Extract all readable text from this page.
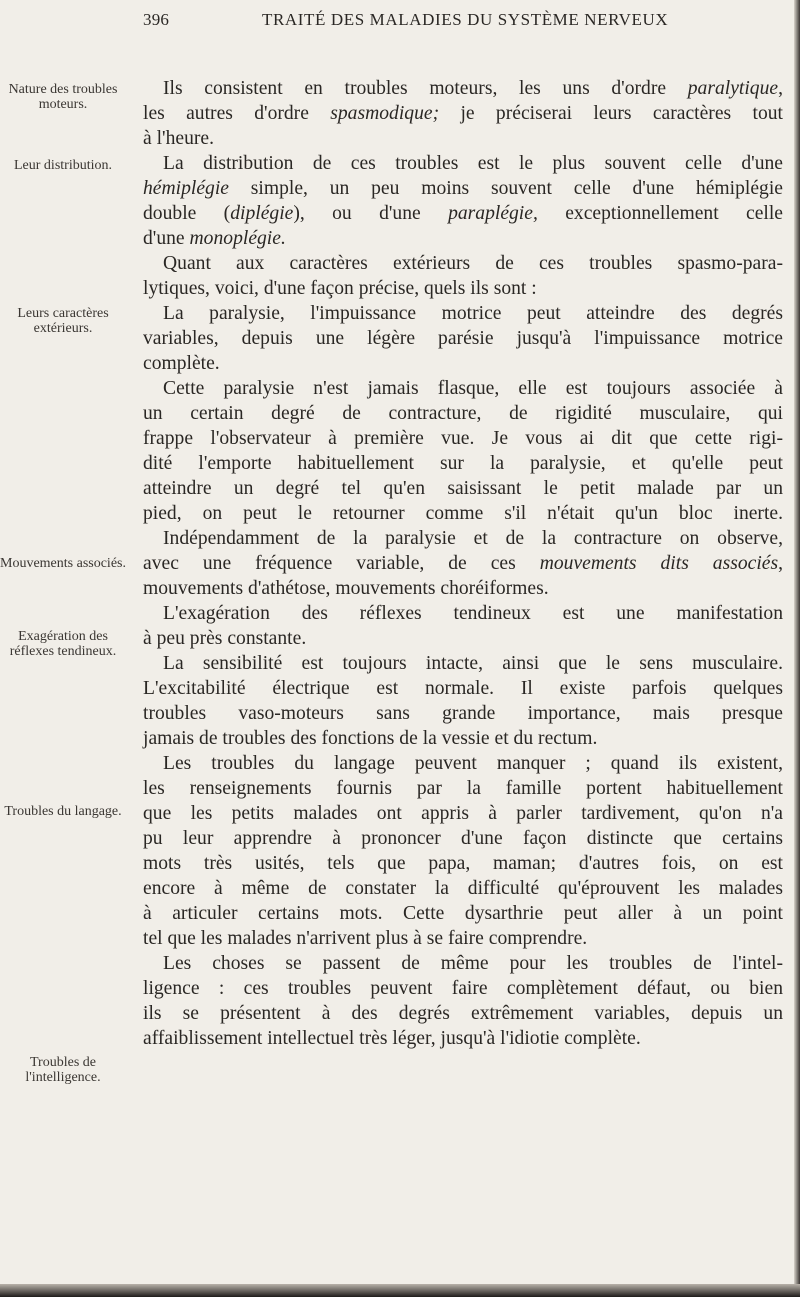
396	TRAITÉ DES MALADIES DU SYSTÈME NERVEUX
Nature des troubles moteurs.
Leur distribution.
Leurs caractères extérieurs.
Mouvements associés.
Exagération des réflexes tendineux.
Troubles du langage.
Troubles de l'intelligence.

Ils consistent en troubles moteurs, les uns d'ordre paralytique,

les autres d'ordre spasmodique; je préciserai leurs caractères tout

à l'heure.

La distribution de ces troubles est le plus souvent celle d'une

hémiplégie simple, un peu moins souvent celle d'une hémiplégie

double (diplégie), ou d'une paraplégie, exceptionnellement celle

d'une monoplégie.

Quant aux caractères extérieurs de ces troubles spasmo-para-

lytiques, voici, d'une façon précise, quels ils sont :

La paralysie, l'impuissance motrice peut atteindre des degrés

variables, depuis une légère parésie jusqu'à l'impuissance motrice

complète.

Cette paralysie n'est jamais flasque, elle est toujours associée à

un certain degré de contracture, de rigidité musculaire, qui

frappe l'observateur à première vue. Je vous ai dit que cette rigi-

dité l'emporte habituellement sur la paralysie, et qu'elle peut

atteindre un degré tel qu'en saisissant le petit malade par un

pied, on peut le retourner comme s'il n'était qu'un bloc inerte.

Indépendamment de la paralysie et de la contracture on observe,

avec une fréquence variable, de ces mouvements dits associés,

mouvements d'athétose, mouvements choréiformes.

L'exagération des réflexes tendineux est une manifestation

à peu près constante.

La sensibilité est toujours intacte, ainsi que le sens musculaire.

L'excitabilité électrique est normale. Il existe parfois quelques

troubles vaso-moteurs sans grande importance, mais presque

jamais de troubles des fonctions de la vessie et du rectum.

Les troubles du langage peuvent manquer ; quand ils existent,

les renseignements fournis par la famille portent habituellement

que les petits malades ont appris à parler tardivement, qu'on n'a

pu leur apprendre à prononcer d'une façon distincte que certains

mots très usités, tels que papa, maman; d'autres fois, on est

encore à même de constater la difficulté qu'éprouvent les malades

à articuler certains mots. Cette dysarthrie peut aller à un point

tel que les malades n'arrivent plus à se faire comprendre.

Les choses se passent de même pour les troubles de l'intel-

ligence : ces troubles peuvent faire complètement défaut, ou bien

ils se présentent à des degrés extrêmement variables, depuis un

affaiblissement intellectuel très léger, jusqu'à l'idiotie complète.
